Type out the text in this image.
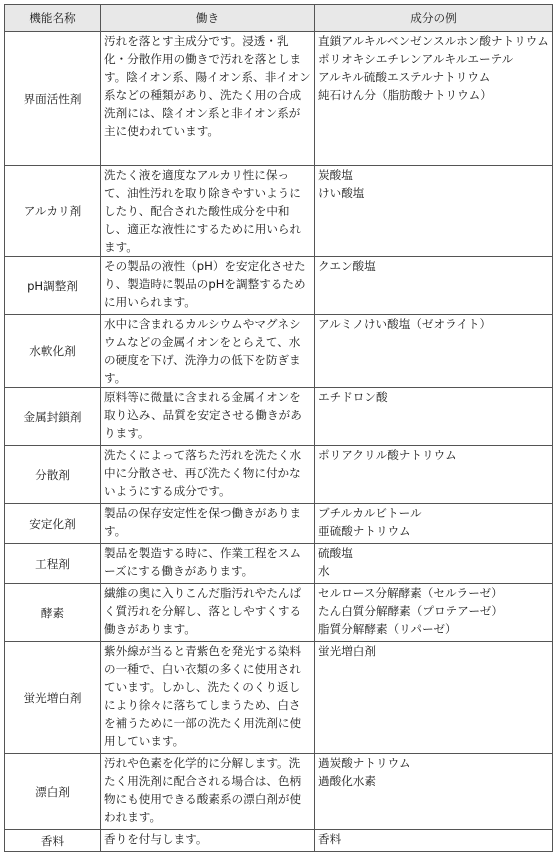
機能名称	働き	成分の例
界面活性剤	汚れを落とす主成分です。浸透・乳化・分散作用の働きで汚れを落とします。陰イオン系、陽イオン系、非イオン系などの種類があり、洗たく用の合成洗剤には、陰イオン系と非イオン系が主に使われています。	直鎖アルキルベンゼンスルホン酸ナトリウム
ポリオキシエチレンアルキルエーテル
アルキル硫酸エステルナトリウム
純石けん分（脂肪酸ナトリウム）
アルカリ剤	洗たく液を適度なアルカリ性に保って、油性汚れを取り除きやすいようにしたり、配合された酸性成分を中和し、適正な液性にするために用いられます。	炭酸塩
けい酸塩
pH調整剤	その製品の液性（pH）を安定化させたり、製造時に製品のpHを調整するために用いられます。	クエン酸塩
水軟化剤	水中に含まれるカルシウムやマグネシウムなどの金属イオンをとらえて、水の硬度を下げ、洗浄力の低下を防ぎます。	アルミノけい酸塩（ゼオライト）
金属封鎖剤	原料等に微量に含まれる金属イオンを取り込み、品質を安定させる働きがあります。	エチドロン酸
分散剤	洗たくによって落ちた汚れを洗たく水中に分散させ、再び洗たく物に付かないようにする成分です。	ポリアクリル酸ナトリウム
安定化剤	製品の保存安定性を保つ働きがあります。	ブチルカルビトール
亜硫酸ナトリウム
工程剤	製品を製造する時に、作業工程をスムーズにする働きがあります。	硫酸塩
水
酵素	繊維の奥に入りこんだ脂汚れやたんぱく質汚れを分解し、落としやすくする働きがあります。	セルロース分解酵素（セルラーゼ）
たん白質分解酵素（プロテアーゼ）
脂質分解酵素（リパーゼ）
蛍光増白剤	紫外線が当ると青紫色を発光する染料の一種で、白い衣類の多くに使用されています。しかし、洗たくのくり返しにより徐々に落ちてしまうため、白さを補うために一部の洗たく用洗剤に使用しています。	蛍光増白剤
漂白剤	汚れや色素を化学的に分解します。洗たく用洗剤に配合される場合は、色柄物にも使用できる酸素系の漂白剤が使われます。	過炭酸ナトリウム
過酸化水素
香料	香りを付与します。	香料
